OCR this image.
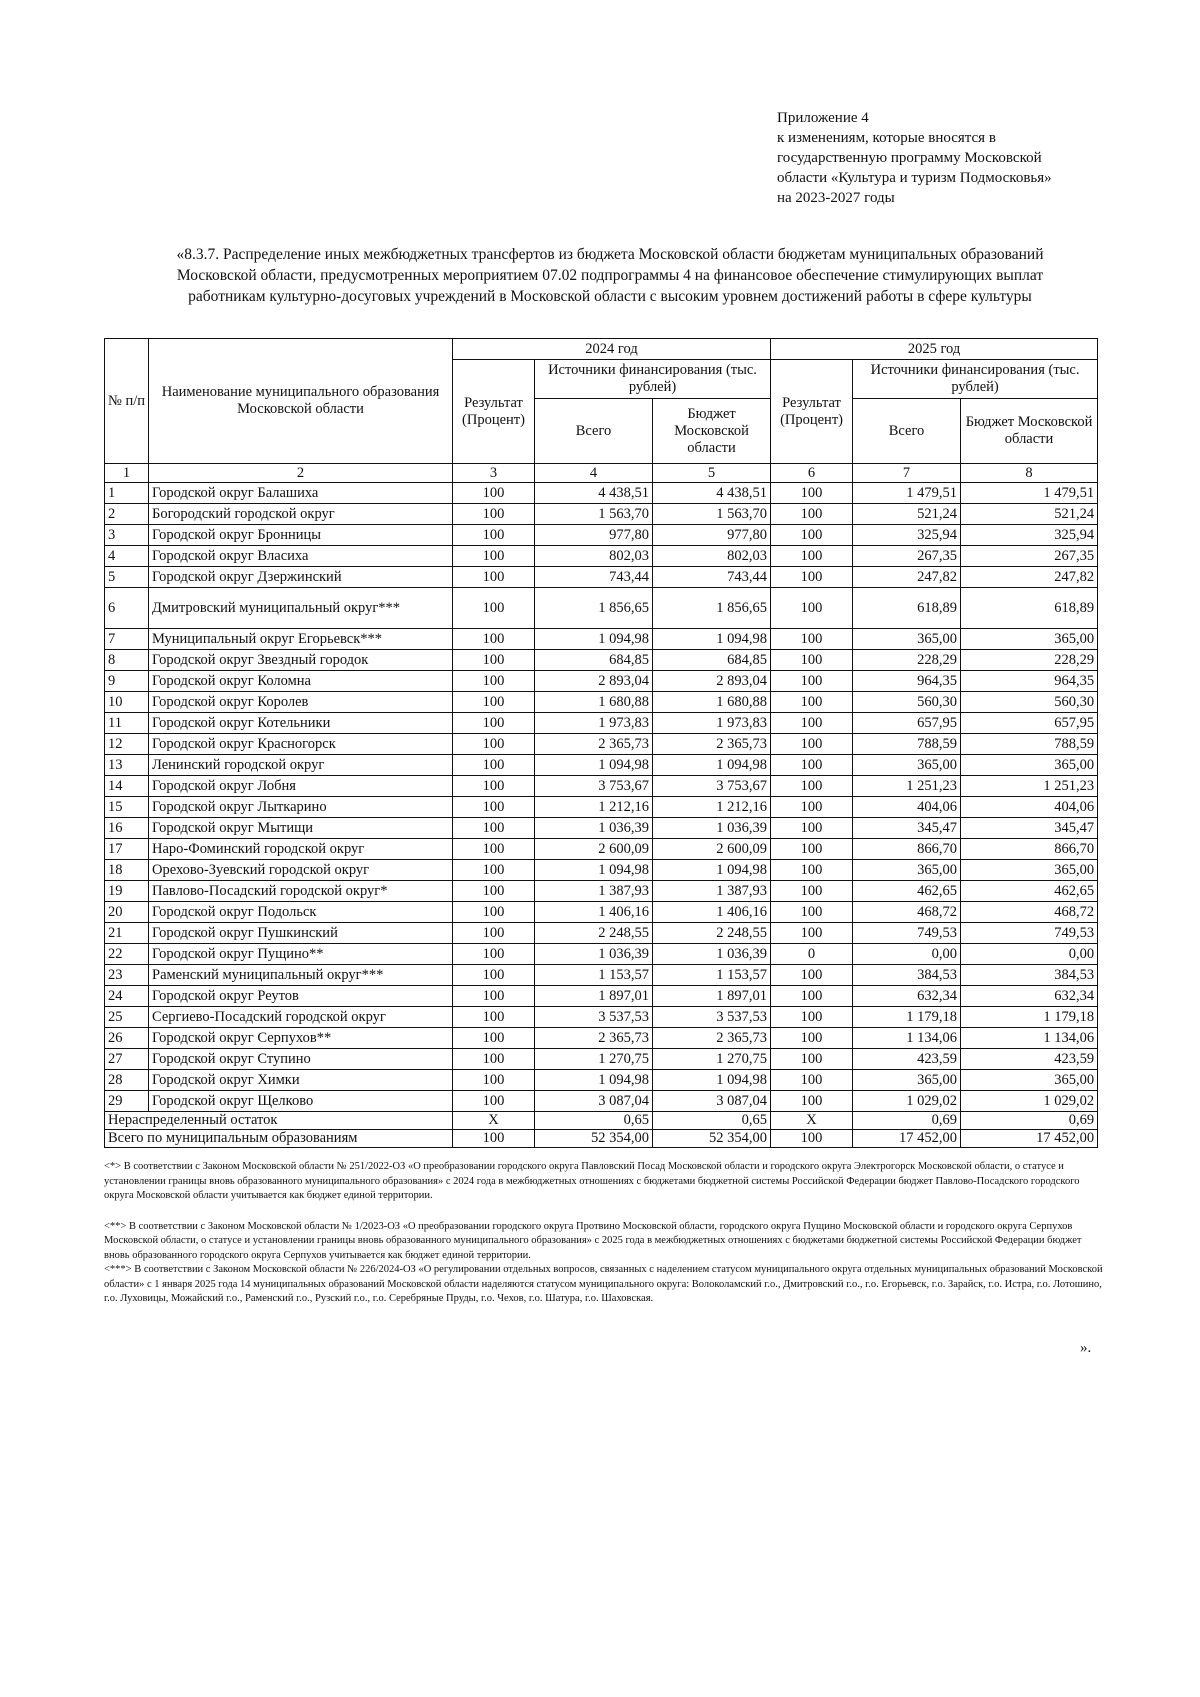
Приложение 4
к изменениям, которые вносятся в
государственную программу Московской
области «Культура и туризм Подмосковья»
на 2023-2027 годы
«8.3.7. Распределение иных межбюджетных трансфертов из бюджета Московской области бюджетам муниципальных образований
Московской области, предусмотренных мероприятием 07.02 подпрограммы 4 на финансовое обеспечение стимулирующих выплат
работникам культурно-досуговых учреждений в Московской области с высоким уровнем достижений работы в сфере культуры
№ п/п	Наименование муниципального образования Московской области	2024 год			2025 год		
		Результат (Процент)	Источники финансирования (тыс. рублей)		Результат (Процент)	Источники финансирования (тыс. рублей)	
			Всего	Бюджет Московской области		Всего	Бюджет Московской области
1	2	3	4	5	6	7	8
1	Городской округ Балашиха	100	4 438,51	4 438,51	100	1 479,51	1 479,51
2	Богородский городской округ	100	1 563,70	1 563,70	100	521,24	521,24
3	Городской округ Бронницы	100	977,80	977,80	100	325,94	325,94
4	Городской округ Власиха	100	802,03	802,03	100	267,35	267,35
5	Городской округ Дзержинский	100	743,44	743,44	100	247,82	247,82
6	Дмитровский муниципальный округ***	100	1 856,65	1 856,65	100	618,89	618,89
7	Муниципальный округ Егорьевск***	100	1 094,98	1 094,98	100	365,00	365,00
8	Городской округ Звездный городок	100	684,85	684,85	100	228,29	228,29
9	Городской округ Коломна	100	2 893,04	2 893,04	100	964,35	964,35
10	Городской округ Королев	100	1 680,88	1 680,88	100	560,30	560,30
11	Городской округ Котельники	100	1 973,83	1 973,83	100	657,95	657,95
12	Городской округ Красногорск	100	2 365,73	2 365,73	100	788,59	788,59
13	Ленинский городской округ	100	1 094,98	1 094,98	100	365,00	365,00
14	Городской округ Лобня	100	3 753,67	3 753,67	100	1 251,23	1 251,23
15	Городской округ Лыткарино	100	1 212,16	1 212,16	100	404,06	404,06
16	Городской округ Мытищи	100	1 036,39	1 036,39	100	345,47	345,47
17	Наро-Фоминский городской округ	100	2 600,09	2 600,09	100	866,70	866,70
18	Орехово-Зуевский городской округ	100	1 094,98	1 094,98	100	365,00	365,00
19	Павлово-Посадский городской округ*	100	1 387,93	1 387,93	100	462,65	462,65
20	Городской округ Подольск	100	1 406,16	1 406,16	100	468,72	468,72
21	Городской округ Пушкинский	100	2 248,55	2 248,55	100	749,53	749,53
22	Городской округ Пущино**	100	1 036,39	1 036,39	0	0,00	0,00
23	Раменский муниципальный округ***	100	1 153,57	1 153,57	100	384,53	384,53
24	Городской округ Реутов	100	1 897,01	1 897,01	100	632,34	632,34
25	Сергиево-Посадский городской округ	100	3 537,53	3 537,53	100	1 179,18	1 179,18
26	Городской округ Серпухов**	100	2 365,73	2 365,73	100	1 134,06	1 134,06
27	Городской округ Ступино	100	1 270,75	1 270,75	100	423,59	423,59
28	Городской округ Химки	100	1 094,98	1 094,98	100	365,00	365,00
29	Городской округ Щелково	100	3 087,04	3 087,04	100	1 029,02	1 029,02
Нераспределенный остаток		X	0,65	0,65	X	0,69	0,69
Всего по муниципальным образованиям		100	52 354,00	52 354,00	100	17 452,00	17 452,00

<*> В соответствии с Законом Московской области № 251/2022-ОЗ «О преобразовании городского округа Павловский Посад Московской области и городского округа Электрогорск Московской области, о статусе и установлении границы вновь образованного муниципального образования» с 2024 года в межбюджетных отношениях с бюджетами бюджетной системы Российской Федерации бюджет Павлово-Посадского городского округа Московской области учитывается как бюджет единой территории.

<**> В соответствии с Законом Московской области № 1/2023-ОЗ «О преобразовании городского округа Протвино Московской области, городского округа Пущино Московской области и городского округа Серпухов Московской области, о статусе и установлении границы вновь образованного муниципального образования» с 2025 года в межбюджетных отношениях с бюджетами бюджетной системы Российской Федерации бюджет вновь образованного городского округа Серпухов учитывается как бюджет единой территории.

<***> В соответствии с Законом Московской области № 226/2024-ОЗ «О регулировании отдельных вопросов, связанных с наделением статусом муниципального округа отдельных муниципальных образований Московской области» с 1 января 2025 года 14 муниципальных образований Московской области наделяются статусом муниципального округа: Волоколамский г.о., Дмитровский г.о., г.о. Егорьевск, г.о. Зарайск, г.о. Истра, г.о. Лотошино, г.о. Луховицы, Можайский г.о., Раменский г.о., Рузский г.о., г.о. Серебряные Пруды, г.о. Чехов, г.о. Шатура, г.о. Шаховская.

».
